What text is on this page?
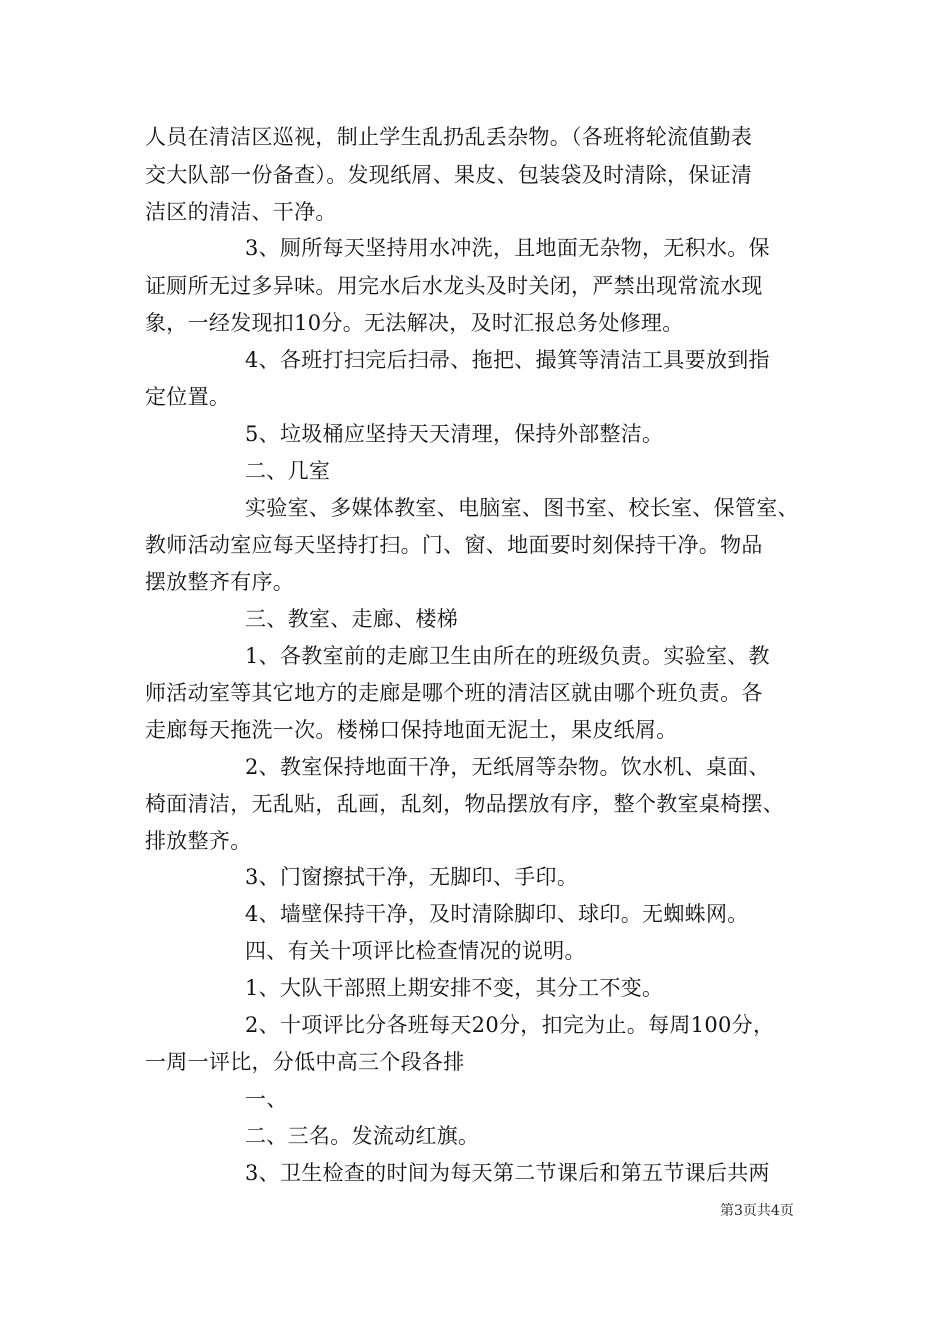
人员在清洁区巡视，制止学生乱扔乱丢杂物。（各班将轮流值勤表
交大队部一份备查）。发现纸屑、果皮、包装袋及时清除，保证清
洁区的清洁、干净。
3、厕所每天坚持用水冲洗，且地面无杂物，无积水。保
证厕所无过多异味。用完水后水龙头及时关闭，严禁出现常流水现
象，一经发现扣10分。无法解决，及时汇报总务处修理。
4、各班打扫完后扫帚、拖把、撮箕等清洁工具要放到指
定位置。
5、垃圾桶应坚持天天清理，保持外部整洁。
二、几室
实验室、多媒体教室、电脑室、图书室、校长室、保管室、
教师活动室应每天坚持打扫。门、窗、地面要时刻保持干净。物品
摆放整齐有序。
三、教室、走廊、楼梯
1、各教室前的走廊卫生由所在的班级负责。实验室、教
师活动室等其它地方的走廊是哪个班的清洁区就由哪个班负责。各
走廊每天拖洗一次。楼梯口保持地面无泥土，果皮纸屑。
2、教室保持地面干净，无纸屑等杂物。饮水机、桌面、
椅面清洁，无乱贴，乱画，乱刻，物品摆放有序，整个教室桌椅摆、
排放整齐。
3、门窗擦拭干净，无脚印、手印。
4、墙壁保持干净，及时清除脚印、球印。无蜘蛛网。
四、有关十项评比检查情况的说明。
1、大队干部照上期安排不变，其分工不变。
2、十项评比分各班每天20分，扣完为止。每周100分，
一周一评比，分低中高三个段各排
一、
二、三名。发流动红旗。
3、卫生检查的时间为每天第二节课后和第五节课后共两
第3页共4页
